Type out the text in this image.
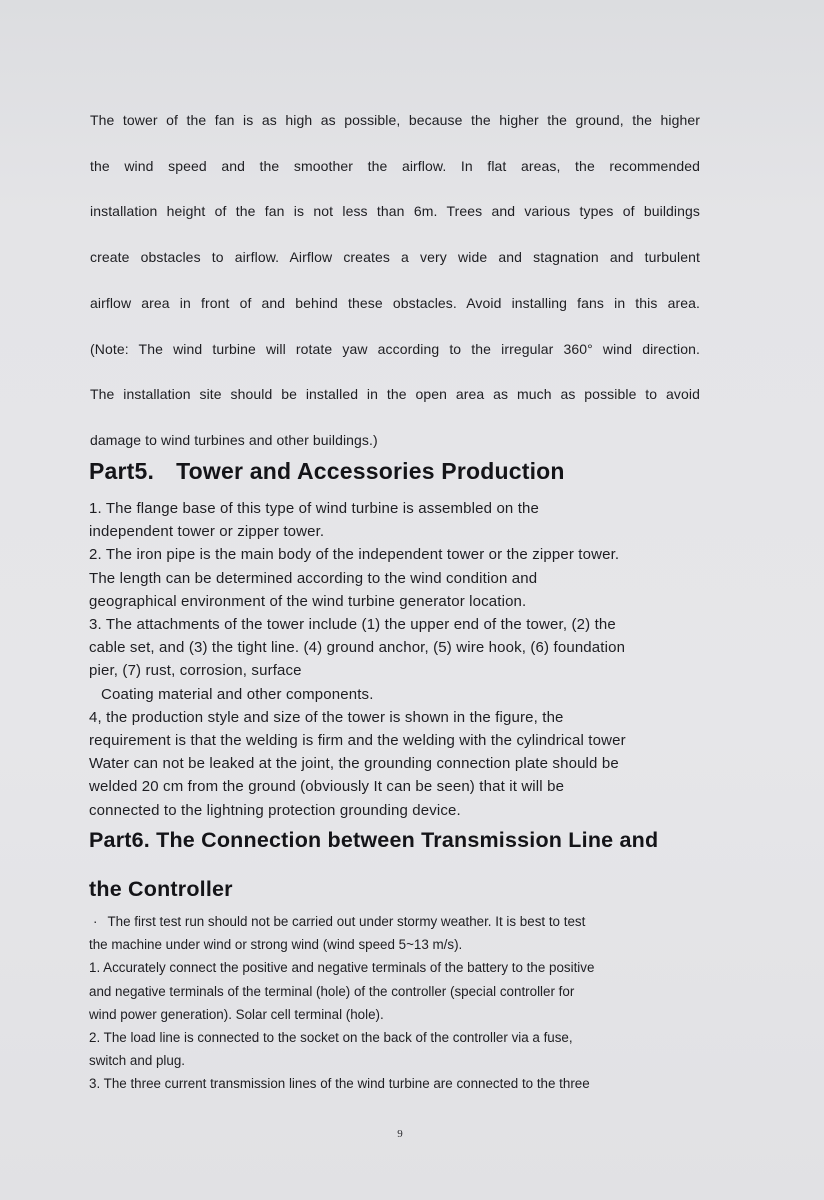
The tower of the fan is as high as possible, because the higher the ground, the higher
the wind speed and the smoother the airflow. In flat areas, the recommended
installation height of the fan is not less than 6m. Trees and various types of buildings
create obstacles to airflow. Airflow creates a very wide and stagnation and turbulent
airflow area in front of and behind these obstacles. Avoid installing fans in this area.
(Note: The wind turbine will rotate yaw according to the irregular 360° wind direction.
The installation site should be installed in the open area as much as possible to avoid
damage to wind turbines and other buildings.)
Part5. Tower and Accessories Production
1. The flange base of this type of wind turbine is assembled on the
independent tower or zipper tower.
2. The iron pipe is the main body of the independent tower or the zipper tower.
The length can be determined according to the wind condition and
geographical environment of the wind turbine generator location.
3. The attachments of the tower include (1) the upper end of the tower, (2) the
cable set, and (3) the tight line. (4) ground anchor, (5) wire hook, (6) foundation
pier, (7) rust, corrosion, surface
Coating material and other components.
4, the production style and size of the tower is shown in the figure, the
requirement is that the welding is firm and the welding with the cylindrical tower
Water can not be leaked at the joint, the grounding connection plate should be
welded 20 cm from the ground (obviously It can be seen) that it will be
connected to the lightning protection grounding device.
Part6. The Connection between Transmission Line and
the Controller
· The first test run should not be carried out under stormy weather. It is best to test
the machine under wind or strong wind (wind speed 5~13 m/s).
1. Accurately connect the positive and negative terminals of the battery to the positive
and negative terminals of the terminal (hole) of the controller (special controller for
wind power generation). Solar cell terminal (hole).
2. The load line is connected to the socket on the back of the controller via a fuse,
switch and plug.
3. The three current transmission lines of the wind turbine are connected to the three
9
